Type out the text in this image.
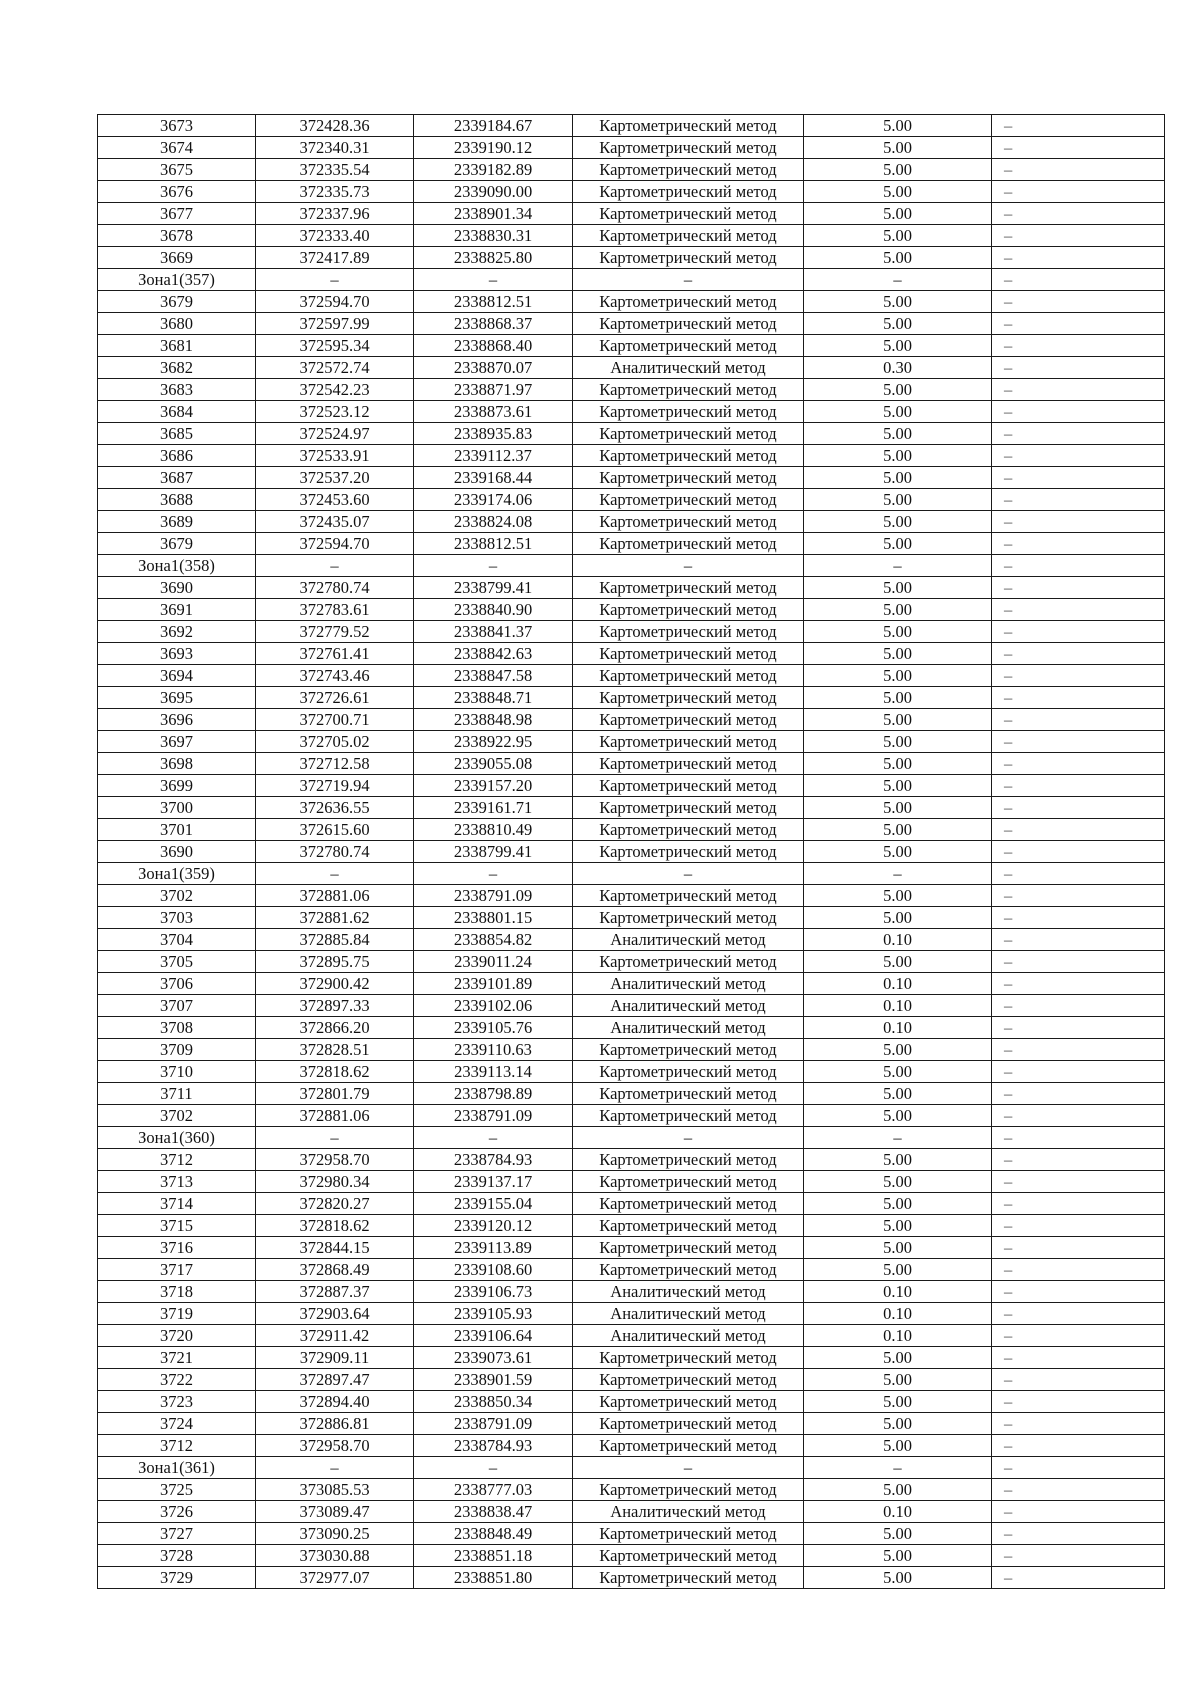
3673	372428.36	2339184.67	Картометрический метод	5.00	–
3674	372340.31	2339190.12	Картометрический метод	5.00	–
3675	372335.54	2339182.89	Картометрический метод	5.00	–
3676	372335.73	2339090.00	Картометрический метод	5.00	–
3677	372337.96	2338901.34	Картометрический метод	5.00	–
3678	372333.40	2338830.31	Картометрический метод	5.00	–
3669	372417.89	2338825.80	Картометрический метод	5.00	–
Зона1(357)	–	–	–	–	–
3679	372594.70	2338812.51	Картометрический метод	5.00	–
3680	372597.99	2338868.37	Картометрический метод	5.00	–
3681	372595.34	2338868.40	Картометрический метод	5.00	–
3682	372572.74	2338870.07	Аналитический метод	0.30	–
3683	372542.23	2338871.97	Картометрический метод	5.00	–
3684	372523.12	2338873.61	Картометрический метод	5.00	–
3685	372524.97	2338935.83	Картометрический метод	5.00	–
3686	372533.91	2339112.37	Картометрический метод	5.00	–
3687	372537.20	2339168.44	Картометрический метод	5.00	–
3688	372453.60	2339174.06	Картометрический метод	5.00	–
3689	372435.07	2338824.08	Картометрический метод	5.00	–
3679	372594.70	2338812.51	Картометрический метод	5.00	–
Зона1(358)	–	–	–	–	–
3690	372780.74	2338799.41	Картометрический метод	5.00	–
3691	372783.61	2338840.90	Картометрический метод	5.00	–
3692	372779.52	2338841.37	Картометрический метод	5.00	–
3693	372761.41	2338842.63	Картометрический метод	5.00	–
3694	372743.46	2338847.58	Картометрический метод	5.00	–
3695	372726.61	2338848.71	Картометрический метод	5.00	–
3696	372700.71	2338848.98	Картометрический метод	5.00	–
3697	372705.02	2338922.95	Картометрический метод	5.00	–
3698	372712.58	2339055.08	Картометрический метод	5.00	–
3699	372719.94	2339157.20	Картометрический метод	5.00	–
3700	372636.55	2339161.71	Картометрический метод	5.00	–
3701	372615.60	2338810.49	Картометрический метод	5.00	–
3690	372780.74	2338799.41	Картометрический метод	5.00	–
Зона1(359)	–	–	–	–	–
3702	372881.06	2338791.09	Картометрический метод	5.00	–
3703	372881.62	2338801.15	Картометрический метод	5.00	–
3704	372885.84	2338854.82	Аналитический метод	0.10	–
3705	372895.75	2339011.24	Картометрический метод	5.00	–
3706	372900.42	2339101.89	Аналитический метод	0.10	–
3707	372897.33	2339102.06	Аналитический метод	0.10	–
3708	372866.20	2339105.76	Аналитический метод	0.10	–
3709	372828.51	2339110.63	Картометрический метод	5.00	–
3710	372818.62	2339113.14	Картометрический метод	5.00	–
3711	372801.79	2338798.89	Картометрический метод	5.00	–
3702	372881.06	2338791.09	Картометрический метод	5.00	–
Зона1(360)	–	–	–	–	–
3712	372958.70	2338784.93	Картометрический метод	5.00	–
3713	372980.34	2339137.17	Картометрический метод	5.00	–
3714	372820.27	2339155.04	Картометрический метод	5.00	–
3715	372818.62	2339120.12	Картометрический метод	5.00	–
3716	372844.15	2339113.89	Картометрический метод	5.00	–
3717	372868.49	2339108.60	Картометрический метод	5.00	–
3718	372887.37	2339106.73	Аналитический метод	0.10	–
3719	372903.64	2339105.93	Аналитический метод	0.10	–
3720	372911.42	2339106.64	Аналитический метод	0.10	–
3721	372909.11	2339073.61	Картометрический метод	5.00	–
3722	372897.47	2338901.59	Картометрический метод	5.00	–
3723	372894.40	2338850.34	Картометрический метод	5.00	–
3724	372886.81	2338791.09	Картометрический метод	5.00	–
3712	372958.70	2338784.93	Картометрический метод	5.00	–
Зона1(361)	–	–	–	–	–
3725	373085.53	2338777.03	Картометрический метод	5.00	–
3726	373089.47	2338838.47	Аналитический метод	0.10	–
3727	373090.25	2338848.49	Картометрический метод	5.00	–
3728	373030.88	2338851.18	Картометрический метод	5.00	–
3729	372977.07	2338851.80	Картометрический метод	5.00	–
